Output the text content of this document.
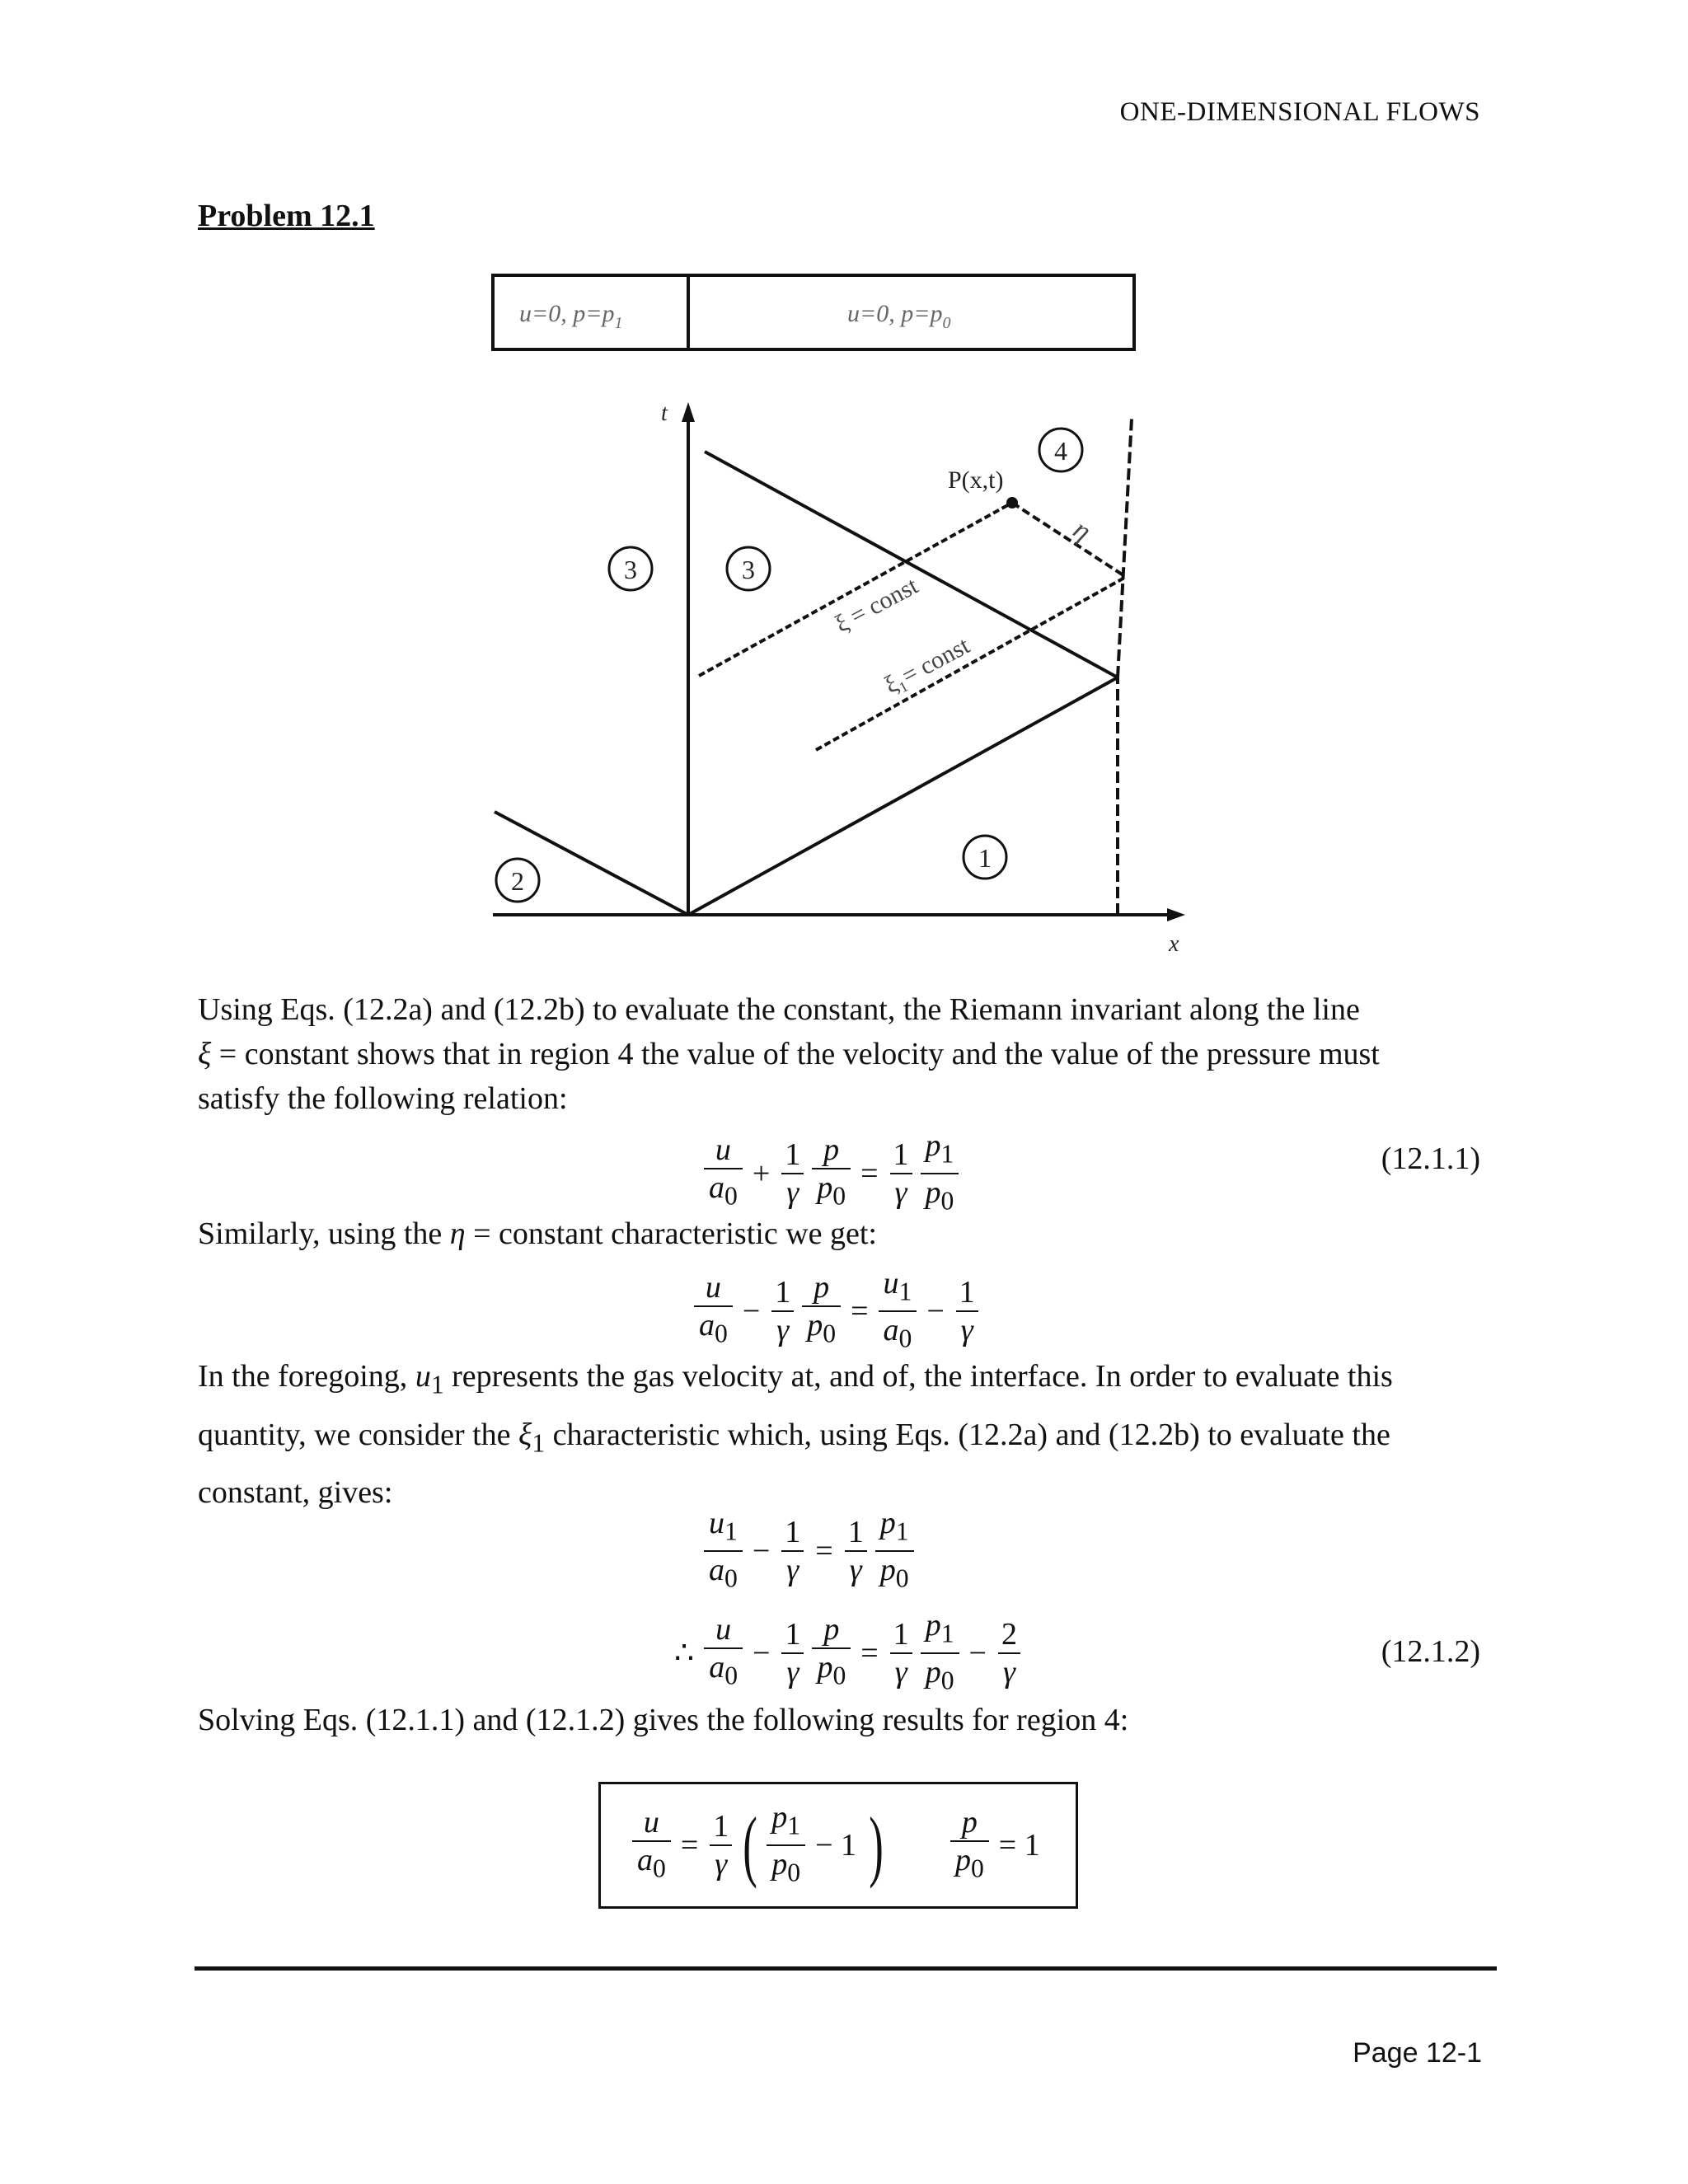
ONE-DIMENSIONAL FLOWS
Problem 12.1
u=0, $p=p_1$	u=0, $p=p_0$
x
t
P(x,t)
η
ξ = const
ξ₁= const
2
1
3	3
4
Using Eqs. (12.2a) and (12.2b) to evaluate the constant, the Riemann invariant along the line
ξ = constant shows that in region 4 the value of the velocity and the value of the pressure must
satisfy the following relation:
$\frac{u}{a_0} + \frac{1}{\gamma} \frac{p}{p_0} = \frac{1}{\gamma} \frac{p_1}{p_0}$	(12.1.1)
Similarly, using the η = constant characteristic we get:
$\frac{u}{a_0} - \frac{1}{\gamma} \frac{p}{p_0} = \frac{u_1}{a_0} - \frac{1}{\gamma}$
In the foregoing, $u_1$ represents the gas velocity at, and of, the interface. In order to evaluate this
quantity, we consider the $\xi_1$ characteristic which, using Eqs. (12.2a) and (12.2b) to evaluate the
constant, gives:
$\frac{u_1}{a_0} - \frac{1}{\gamma} = \frac{1}{\gamma} \frac{p_1}{p_0}$
∴ $\frac{u}{a_0} - \frac{1}{\gamma} \frac{p}{p_0} = \frac{1}{\gamma} \frac{p_1}{p_0} - \frac{2}{\gamma}$	(12.1.2)
Solving Eqs. (12.1.1) and (12.1.2) gives the following results for region 4:
$\frac{u}{a_0} = \frac{1}{\gamma}$ ( $\frac{p_1}{p_0} - 1$ ) $\frac{p}{p_0} = 1$
Page 12-1
